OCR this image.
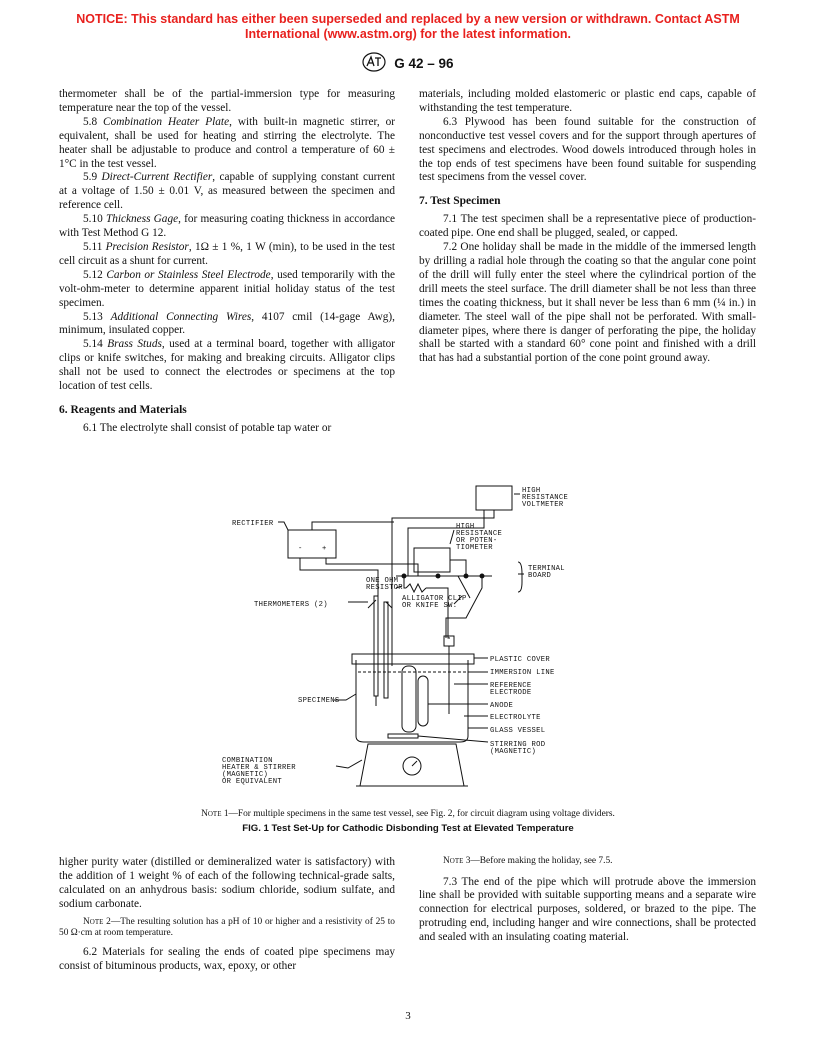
NOTICE: This standard has either been superseded and replaced by a new version or withdrawn. Contact ASTM
International (www.astm.org) for the latest information.
G 42 – 96

thermometer shall be of the partial-immersion type for measuring temperature near the top of the vessel.

5.8 Combination Heater Plate, with built-in magnetic stirrer, or equivalent, shall be used for heating and stirring the electrolyte. The heater shall be adjustable to produce and control a temperature of 60 ± 1°C in the test vessel.

5.9 Direct-Current Rectifier, capable of supplying constant current at a voltage of 1.50 ± 0.01 V, as measured between the specimen and reference cell.

5.10 Thickness Gage, for measuring coating thickness in accordance with Test Method G 12.

5.11 Precision Resistor, 1Ω ± 1 %, 1 W (min), to be used in the test cell circuit as a shunt for current.

5.12 Carbon or Stainless Steel Electrode, used temporarily with the volt-ohm-meter to determine apparent initial holiday status of the test specimen.

5.13 Additional Connecting Wires, 4107 cmil (14-gage Awg), minimum, insulated copper.

5.14 Brass Studs, used at a terminal board, together with alligator clips or knife switches, for making and breaking circuits. Alligator clips shall not be used to connect the electrodes or specimens at the top location of test cells.

6. Reagents and Materials

6.1 The electrolyte shall consist of potable tap water or

materials, including molded elastomeric or plastic end caps, capable of withstanding the test temperature.

6.3 Plywood has been found suitable for the construction of nonconductive test vessel covers and for the support through apertures of test specimens and electrodes. Wood dowels introduced through holes in the top ends of test specimens have been found suitable for suspending test specimens from the vessel cover.

7. Test Specimen

7.1 The test specimen shall be a representative piece of production-coated pipe. One end shall be plugged, sealed, or capped.

7.2 One holiday shall be made in the middle of the immersed length by drilling a radial hole through the coating so that the angular cone point of the drill will fully enter the steel where the cylindrical portion of the drill meets the steel surface. The drill diameter shall be not less than three times the coating thickness, but it shall never be less than 6 mm (¼ in.) in diameter. The steel wall of the pipe shall not be perforated. With small-diameter pipes, where there is danger of perforating the pipe, the holiday shall be started with a standard 60° cone point and finished with a drill that has had a substantial portion of the cone point ground away.

HIGH
RESISTANCE
VOLTMETER
RECTIFIER
-	+
HIGH
RESISTANCE
OR POTEN-
TIOMETER
TERMINAL
BOARD
ONE OHM
RESISTOR
ALLIGATOR CLIP
OR KNIFE SW.
THERMOMETERS (2)
PLASTIC COVER
IMMERSION LINE
REFERENCE
ELECTRODE
ANODE
ELECTROLYTE
GLASS VESSEL
STIRRING ROD
(MAGNETIC)
SPECIMENS
COMBINATION
HEATER & STIRRER
(MAGNETIC)
OR EQUIVALENT
Note 1—For multiple specimens in the same test vessel, see Fig. 2, for circuit diagram using voltage dividers.
FIG. 1 Test Set-Up for Cathodic Disbonding Test at Elevated Temperature

higher purity water (distilled or demineralized water is satisfactory) with the addition of 1 weight % of each of the following technical-grade salts, calculated on an anhydrous basis: sodium chloride, sodium sulfate, and sodium carbonate.

Note 2—The resulting solution has a pH of 10 or higher and a resistivity of 25 to 50 Ω·cm at room temperature.

6.2 Materials for sealing the ends of coated pipe specimens may consist of bituminous products, wax, epoxy, or other

Note 3—Before making the holiday, see 7.5.

7.3 The end of the pipe which will protrude above the immersion line shall be provided with suitable supporting means and a separate wire connection for electrical purposes, soldered, or brazed to the pipe. The protruding end, including hanger and wire connections, shall be protected and sealed with an insulating coating material.

3
